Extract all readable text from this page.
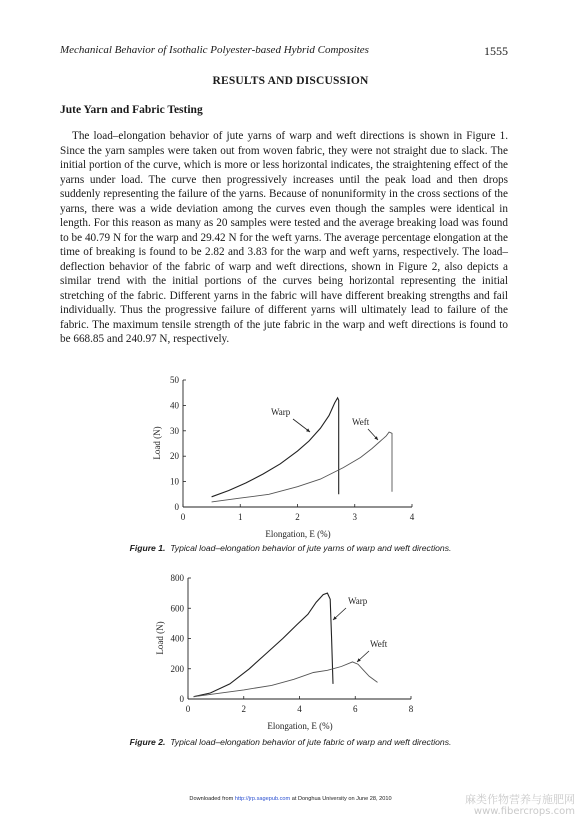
Mechanical Behavior of Isothalic Polyester-based Hybrid Composites	1555
RESULTS AND DISCUSSION
Jute Yarn and Fabric Testing
The load–elongation behavior of jute yarns of warp and weft directions is shown in Figure 1. Since the yarn samples were taken out from woven fabric, they were not straight due to slack. The initial portion of the curve, which is more or less horizontal indicates, the straightening effect of the yarns under load. The curve then progressively increases until the peak load and then drops suddenly representing the failure of the yarns. Because of nonuniformity in the cross sections of the yarns, there was a wide deviation among the curves even though the samples were identical in length. For this reason as many as 20 samples were tested and the average breaking load was found to be 40.79 N for the warp and 29.42 N for the weft yarns. The average percentage elongation at the time of breaking is found to be 2.82 and 3.83 for the warp and weft yarns, respectively. The load–deflection behavior of the fabric of warp and weft directions, shown in Figure 2, also depicts a similar trend with the initial portions of the curves being horizontal representing the initial stretching of the fabric. Different yarns in the fabric will have different breaking strengths and fail individually. Thus the progressive failure of different yarns will ultimately lead to failure of the fabric. The maximum tensile strength of the jute fabric in the warp and weft directions is found to be 668.85 and 240.97 N, respectively.
0	1	2	3	4
0
10
20
30
40
50
Elongation, E (%)
Load (N)
Warp
Weft
0	2	4	6	8
0
200
400
600
800
Elongation, E (%)
Load (N)
Warp
Weft
Figure 1. Typical load–elongation behavior of jute yarns of warp and weft directions.
Figure 2. Typical load–elongation behavior of jute fabric of warp and weft directions.
Downloaded from http://jrp.sagepub.com at Donghua University on June 28, 2010	麻类作物营养与施肥网
www.fibercrops.com
